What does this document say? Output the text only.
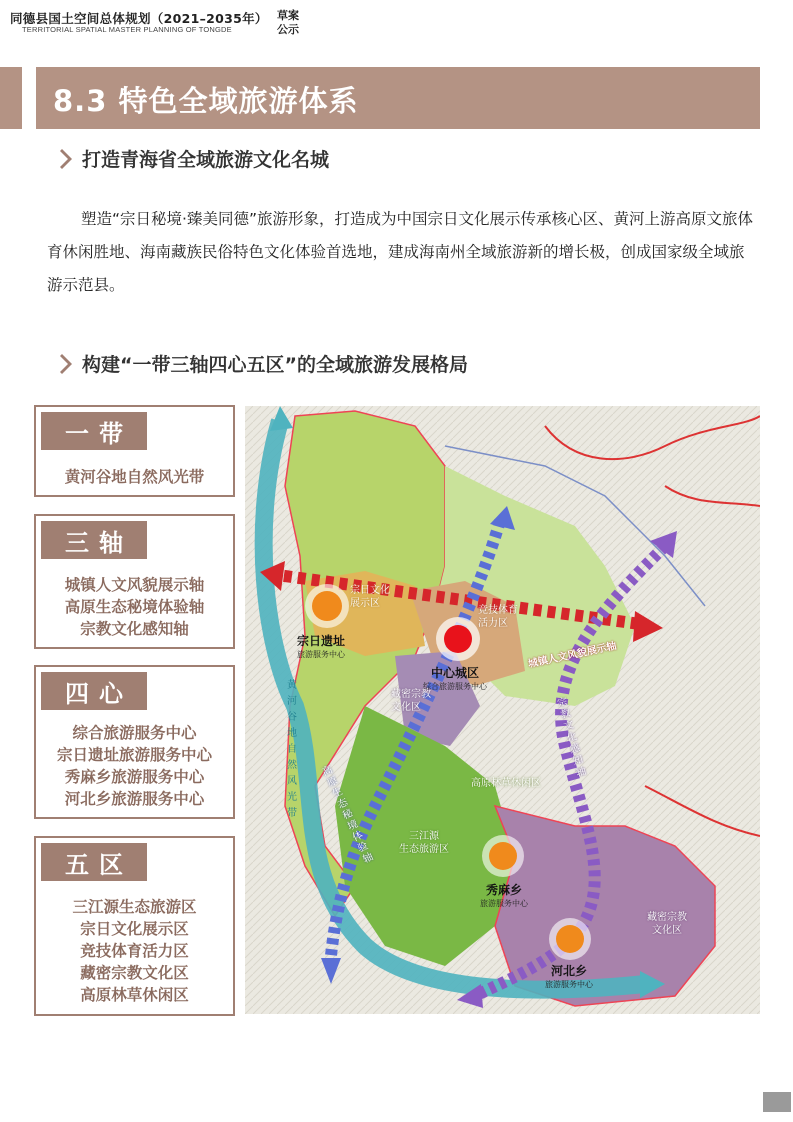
同德县国土空间总体规划（2021–2035年）
TERRITORIAL SPATIAL MASTER PLANNING OF TONGDE
草案公示
8.3 特色全域旅游体系
打造青海省全域旅游文化名城

塑造“宗日秘境·臻美同德”旅游形象，打造成为中国宗日文化展示传承核心区、黄河上游高原文旅体育休闲胜地、海南藏族民俗特色文化体验首选地，建成海南州全域旅游新的增长极，创成国家级全域旅游示范县。

构建“一带三轴四心五区”的全域旅游发展格局
一带
黄河谷地自然风光带
三轴
城镇人文风貌展示轴
高原生态秘境体验轴
宗教文化感知轴
四心
综合旅游服务中心
宗日遗址旅游服务中心
秀麻乡旅游服务中心
河北乡旅游服务中心
五区
三江源生态旅游区
宗日文化展示区
竞技体育活力区
藏密宗教文化区
高原林草休闲区
宗日文化
展示区
竞技体育
活力区
藏密宗教
文化区
高原林草休闲区
三江源
生态旅游区
藏密宗教
文化区
宗日遗址
旅游服务中心
中心城区
综合旅游服务中心
秀麻乡
旅游服务中心
河北乡
旅游服务中心
城镇人文风貌展示轴
高原生态秘境体验轴
宗教文化感知轴
黄河谷地自然风光带
